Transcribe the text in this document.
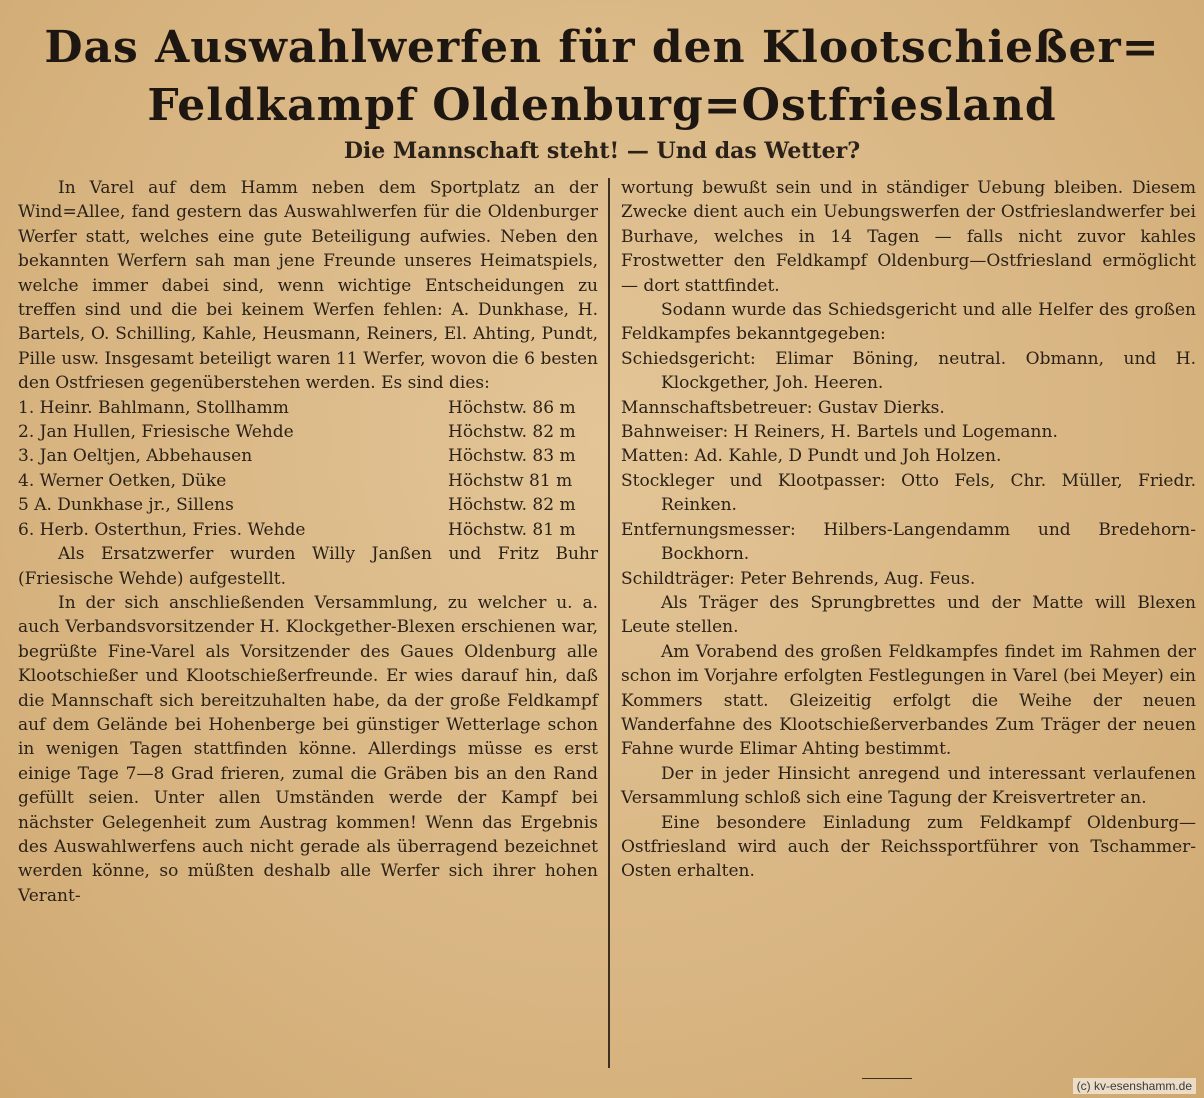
Das Auswahlwerfen für den Klootschießer=
Feldkampf Oldenburg=Ostfriesland
Die Mannschaft steht! — Und das Wetter?

In Varel auf dem Hamm neben dem Sportplatz an der Wind=Allee, fand gestern das Auswahlwerfen für die Oldenburger Werfer statt, welches eine gute Beteiligung aufwies. Neben den bekannten Werfern sah man jene Freunde unseres Heimatspiels, welche immer dabei sind, wenn wichtige Entscheidungen zu treffen sind und die bei keinem Werfen fehlen: A. Dunkhase, H. Bartels, O. Schilling, Kahle, Heusmann, Reiners, El. Ahting, Pundt, Pille usw. Insgesamt beteiligt waren 11 Werfer, wovon die 6 besten den Ostfriesen gegenüberstehen werden. Es sind dies:

1. Heinr. Bahlmann, Stollhamm	Höchstw. 86 m
2. Jan Hullen, Friesische Wehde	Höchstw. 82 m
3. Jan Oeltjen, Abbehausen	Höchstw. 83 m
4. Werner Oetken, Düke	Höchstw 81 m
5 A. Dunkhase jr., Sillens	Höchstw. 82 m
6. Herb. Osterthun, Fries. Wehde	Höchstw. 81 m

Als Ersatzwerfer wurden Willy Janßen und Fritz Buhr (Friesische Wehde) aufgestellt.

In der sich anschließenden Versammlung, zu welcher u. a. auch Verbandsvorsitzender H. Klockgether-Blexen erschienen war, begrüßte Fine-Varel als Vorsitzender des Gaues Oldenburg alle Klootschießer und Klootschießerfreunde. Er wies darauf hin, daß die Mannschaft sich bereitzuhalten habe, da der große Feldkampf auf dem Gelände bei Hohenberge bei günstiger Wetterlage schon in wenigen Tagen stattfinden könne. Allerdings müsse es erst einige Tage 7—8 Grad frieren, zumal die Gräben bis an den Rand gefüllt seien. Unter allen Umständen werde der Kampf bei nächster Gelegenheit zum Austrag kommen! Wenn das Ergebnis des Auswahlwerfens auch nicht gerade als überragend bezeichnet werden könne, so müßten deshalb alle Werfer sich ihrer hohen Verant-

wortung bewußt sein und in ständiger Uebung bleiben. Diesem Zwecke dient auch ein Uebungswerfen der Ostfrieslandwerfer bei Burhave, welches in 14 Tagen — falls nicht zuvor kahles Frostwetter den Feldkampf Oldenburg—Ostfriesland ermöglicht — dort stattfindet.

Sodann wurde das Schiedsgericht und alle Helfer des großen Feldkampfes bekanntgegeben:

Schiedsgericht: Elimar Böning, neutral. Obmann, und H. Klockgether, Joh. Heeren.

Mannschaftsbetreuer: Gustav Dierks.

Bahnweiser: H Reiners, H. Bartels und Logemann.

Matten: Ad. Kahle, D Pundt und Joh Holzen.

Stockleger und Klootpasser: Otto Fels, Chr. Müller, Friedr. Reinken.

Entfernungsmesser: Hilbers-Langendamm und Bredehorn-Bockhorn.

Schildträger: Peter Behrends, Aug. Feus.

Als Träger des Sprungbrettes und der Matte will Blexen Leute stellen.

Am Vorabend des großen Feldkampfes findet im Rahmen der schon im Vorjahre erfolgten Festlegungen in Varel (bei Meyer) ein Kommers statt. Gleizeitig erfolgt die Weihe der neuen Wanderfahne des Klootschießerverbandes Zum Träger der neuen Fahne wurde Elimar Ahting bestimmt.

Der in jeder Hinsicht anregend und interessant verlaufenen Versammlung schloß sich eine Tagung der Kreisvertreter an.

Eine besondere Einladung zum Feldkampf Oldenburg—Ostfriesland wird auch der Reichssportführer von Tschammer-Osten erhalten.

(c) kv-esenshamm.de
